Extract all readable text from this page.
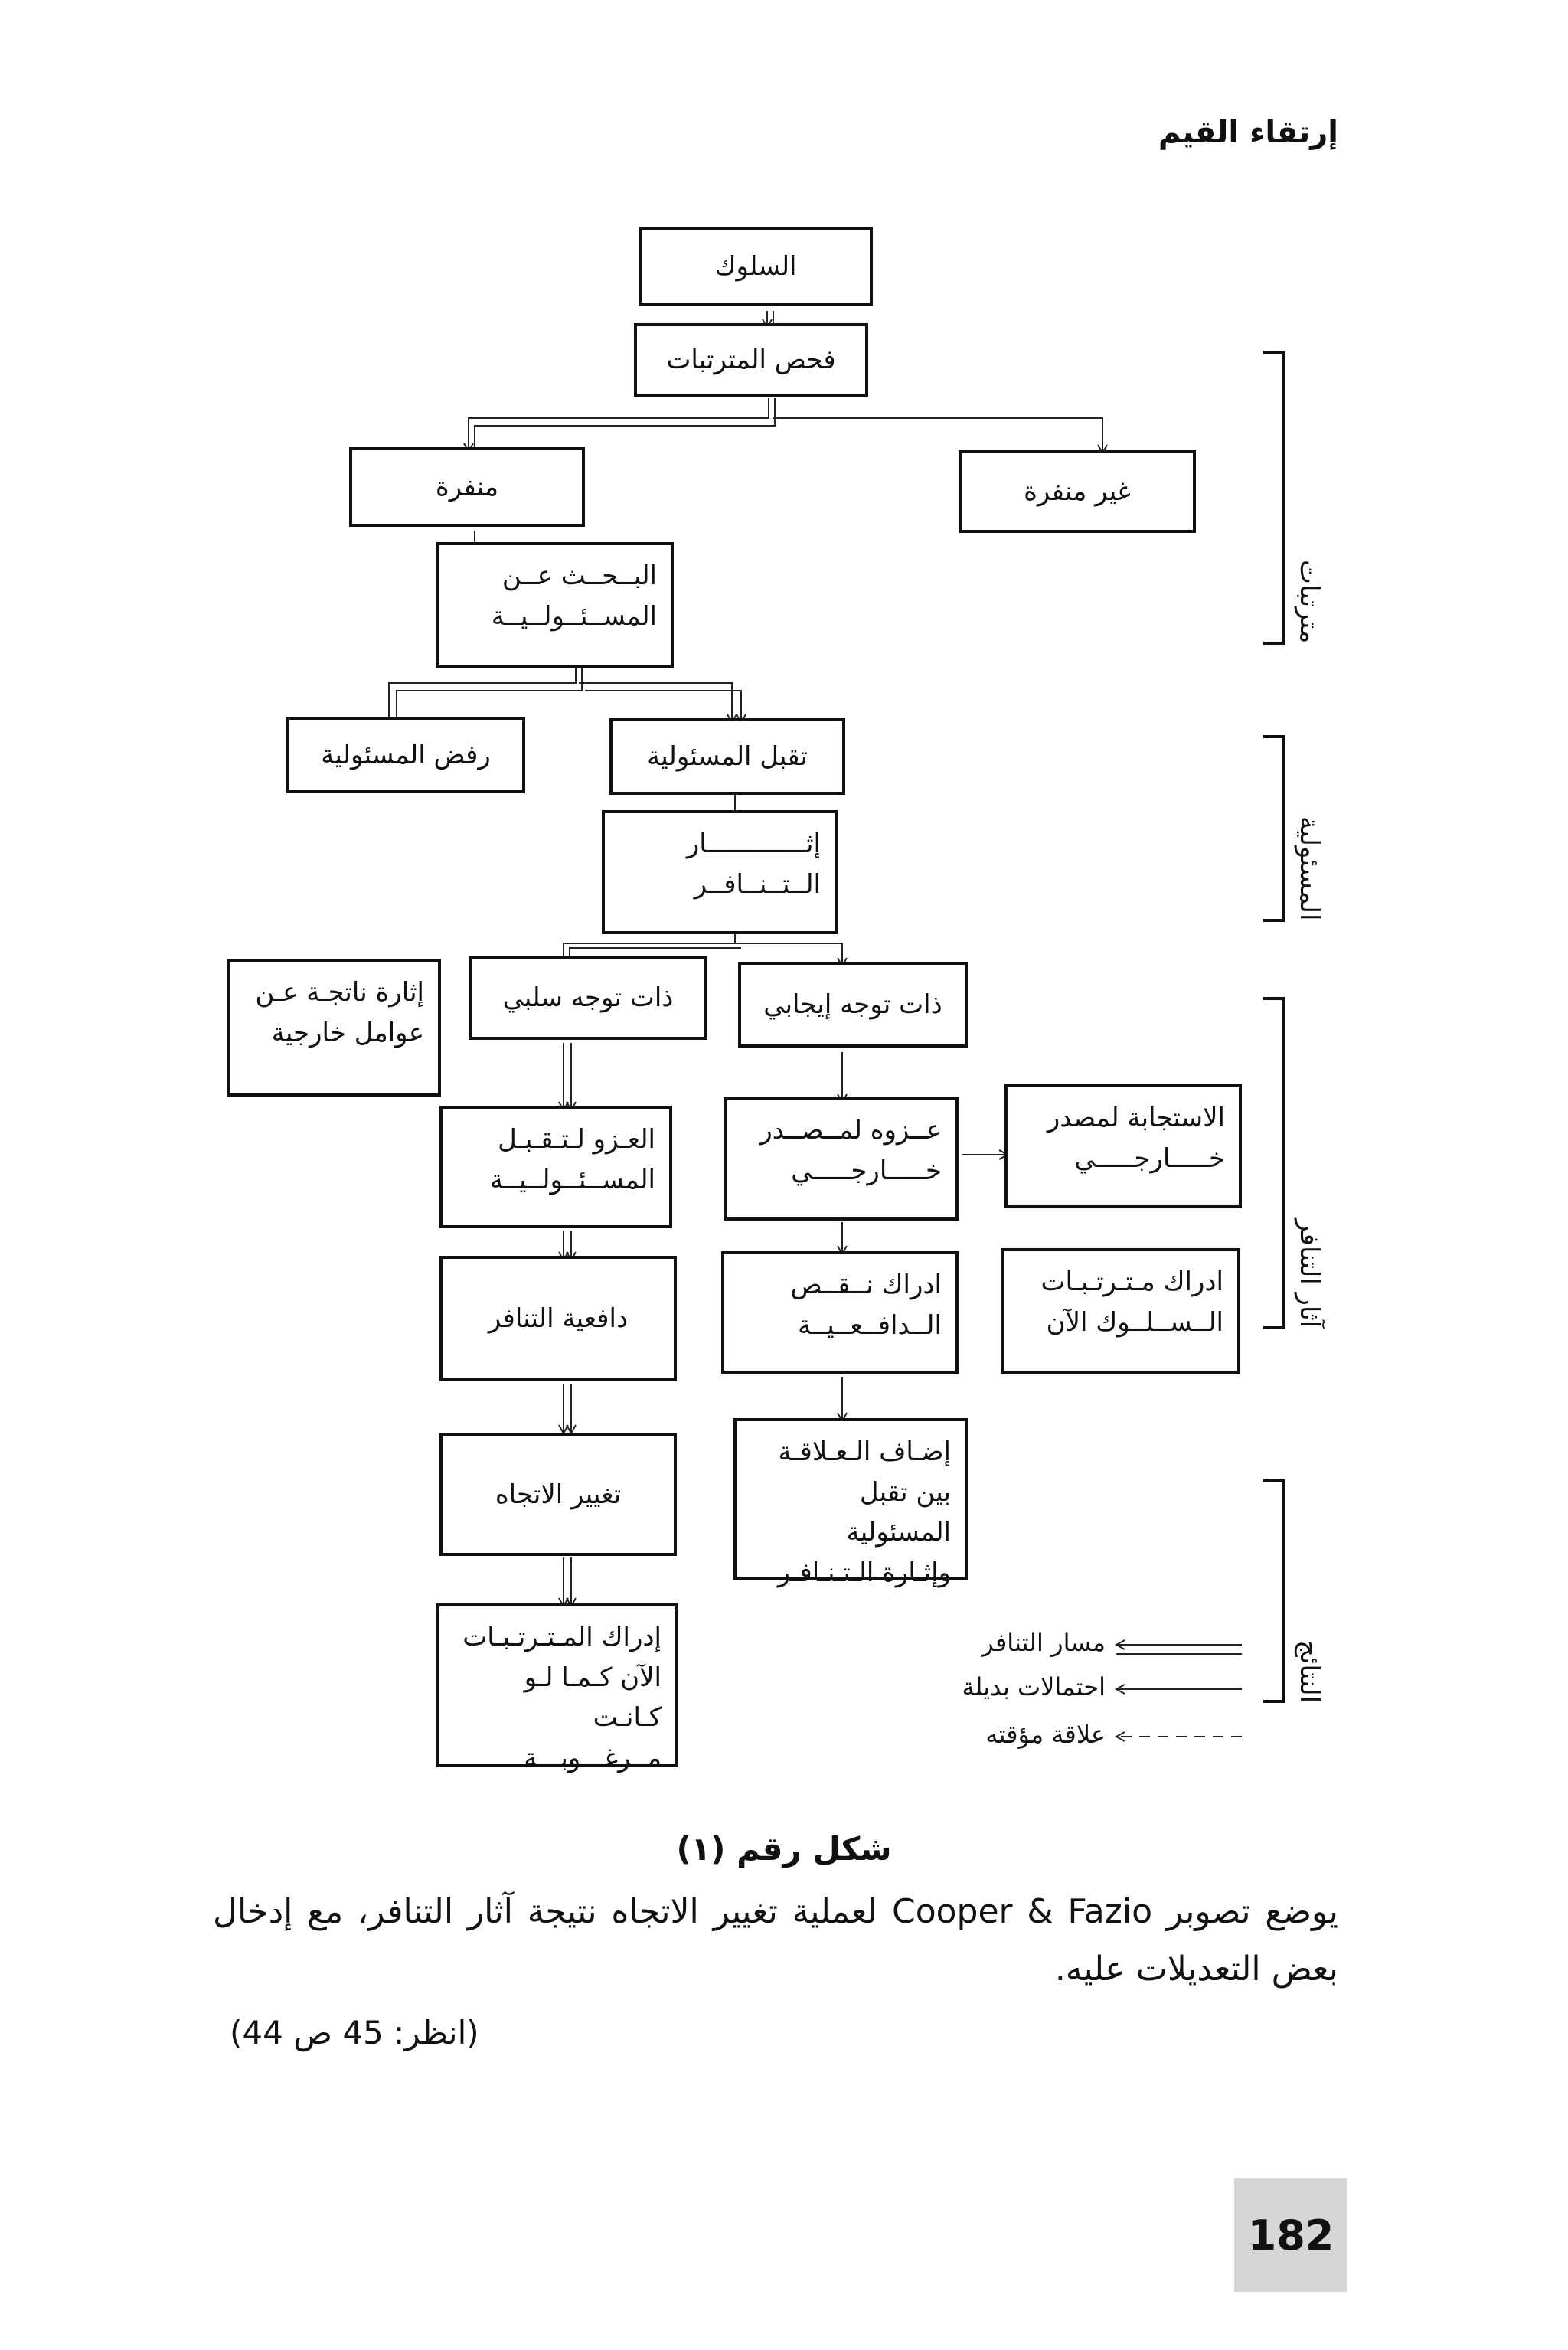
إرتقاء القيم
السلوك
فحص المترتبات
منفرة	غير منفرة
البــحــث عــن
المســئــولــيــة
رفض المسئولية	تقبل المسئولية
إثـــــــــــــار
الــتــنــافــر
إثارة ناتجـة عـن
عوامل خارجية
ذات توجه سلبي	ذات توجه إيجابي
العـزو لـتـقـبـل
المســئــولــيــة
عــزوه لمــصــدر
خـــــارجـــــي
الاستجابة لمصدر
خـــــارجـــــي
دافعية التنافر
ادراك نــقــص
الــدافــعــيــة
ادراك مـتـرتـبـات
الــســلــوك الآن
تغيير الاتجاه
إضـاف الـعـلاقـة
بين تقبل المسئولية
وإثـارة الـتـنـافـر
إدراك المـتـرتـبـات
الآن كـمـا لـو كـانـت
مــرغـــوبـــة
مترتبات
المسئولية
آثار التنافر
النتائج
مسار التنافر
احتمالات بديلة
علاقة مؤقته
شكل رقم (١)
يوضع تصوبر Cooper & Fazio لعملية تغيير الاتجاه نتيجة آثار التنافر، مع إدخال بعض التعديلات عليه.
(انظر: 45 ص 44)
182
